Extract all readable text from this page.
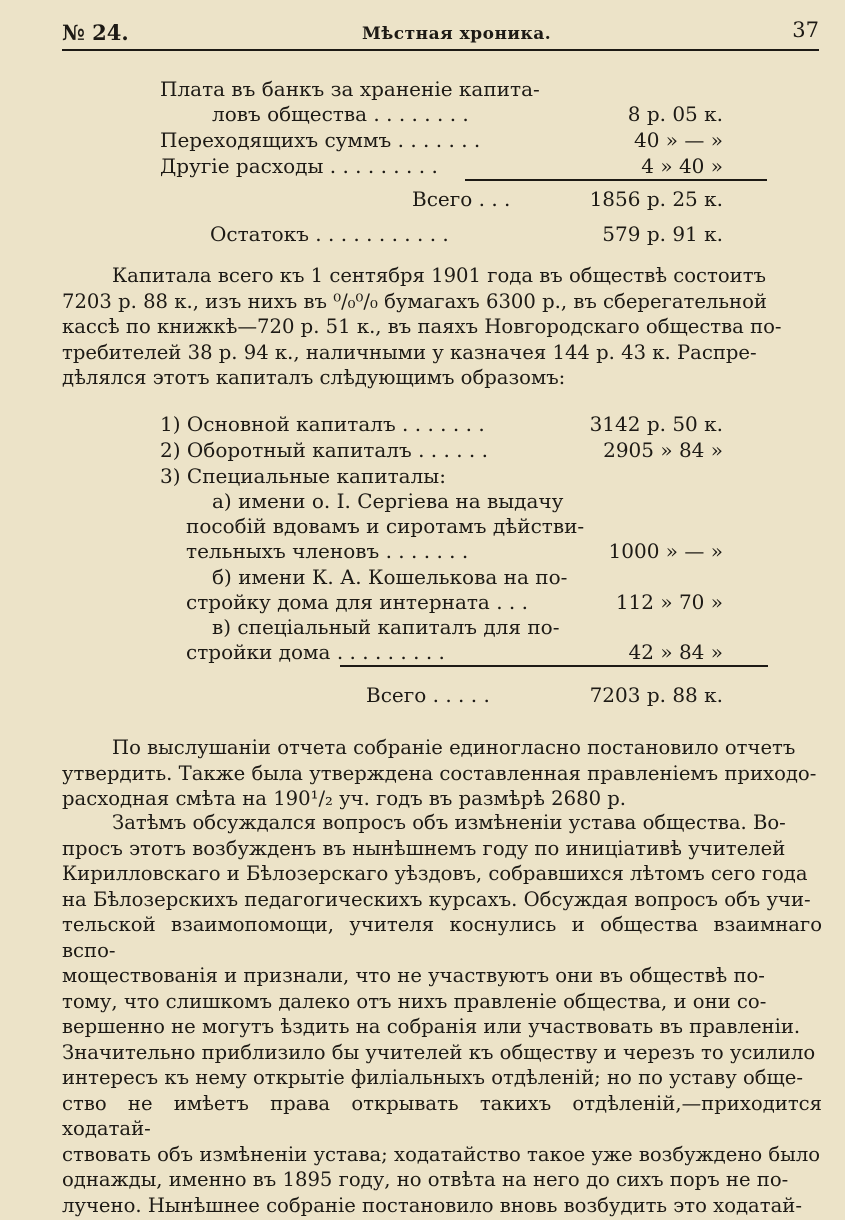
№ 24.	Мѣстная хроника.	37
Плата въ банкъ за храненіе капита-
ловъ общества . . . . . . . .	8 р. 05 к.
Переходящихъ суммъ . . . . . . .	40 » — »
Другіе расходы . . . . . . . . .	4 » 40 »
Всего . . .	1856 р. 25 к.
Остатокъ . . . . . . . . . . .	579 р. 91 к.
Капитала всего къ 1 сентября 1901 года въ обществѣ состоитъ
7203 р. 88 к., изъ нихъ въ ⁰/₀⁰/₀ бумагахъ 6300 р., въ сберегательной
кассѣ по книжкѣ—720 р. 51 к., въ паяхъ Новгородскаго общества по-
требителей 38 р. 94 к., наличными у казначея 144 р. 43 к. Распре-
дѣлялся этотъ капиталъ слѣдующимъ образомъ:
1) Основной капиталъ . . . . . . .	3142 р. 50 к.
2) Оборотный капиталъ . . . . . .	2905 » 84 »
3) Специальные капиталы:
а) имени о. І. Сергіева на выдачу
пособій вдовамъ и сиротамъ дѣйстви-
тельныхъ членовъ . . . . . . .	1000 » — »
б) имени К. А. Кошелькова на по-
стройку дома для интерната . . .	112 » 70 »
в) спеціальный капиталъ для по-
стройки дома . . . . . . . . .	42 » 84 »
Всего . . . . .	7203 р. 88 к.
По выслушаніи отчета собраніе единогласно постановило отчетъ
утвердить. Также была утверждена составленная правленіемъ приходо-
расходная смѣта на 190¹/₂ уч. годъ въ размѣрѣ 2680 р.
Затѣмъ обсуждался вопросъ объ измѣненіи устава общества. Во-
просъ этотъ возбужденъ въ нынѣшнемъ году по иниціативѣ учителей
Кирилловскаго и Бѣлозерскаго уѣздовъ, собравшихся лѣтомъ сего года
на Бѣлозерскихъ педагогическихъ курсахъ. Обсуждая вопросъ объ учи-
тельской взаимопомощи, учителя коснулись и общества взаимнаго вспо-
моществованія и признали, что не участвуютъ они въ обществѣ по-
тому, что слишкомъ далеко отъ нихъ правленіе общества, и они со-
вершенно не могутъ ѣздить на собранія или участвовать въ правленіи.
Значительно приблизило бы учителей къ обществу и черезъ то усилило
интересъ къ нему открытіе филіальныхъ отдѣленій; но по уставу обще-
ство не имѣетъ права открывать такихъ отдѣленій,—приходится ходатай-
ствовать объ измѣненіи устава; ходатайство такое уже возбуждено было
однажды, именно въ 1895 году, но отвѣта на него до сихъ поръ не по-
лучено. Нынѣшнее собраніе постановило вновь возбудить это ходатай-
